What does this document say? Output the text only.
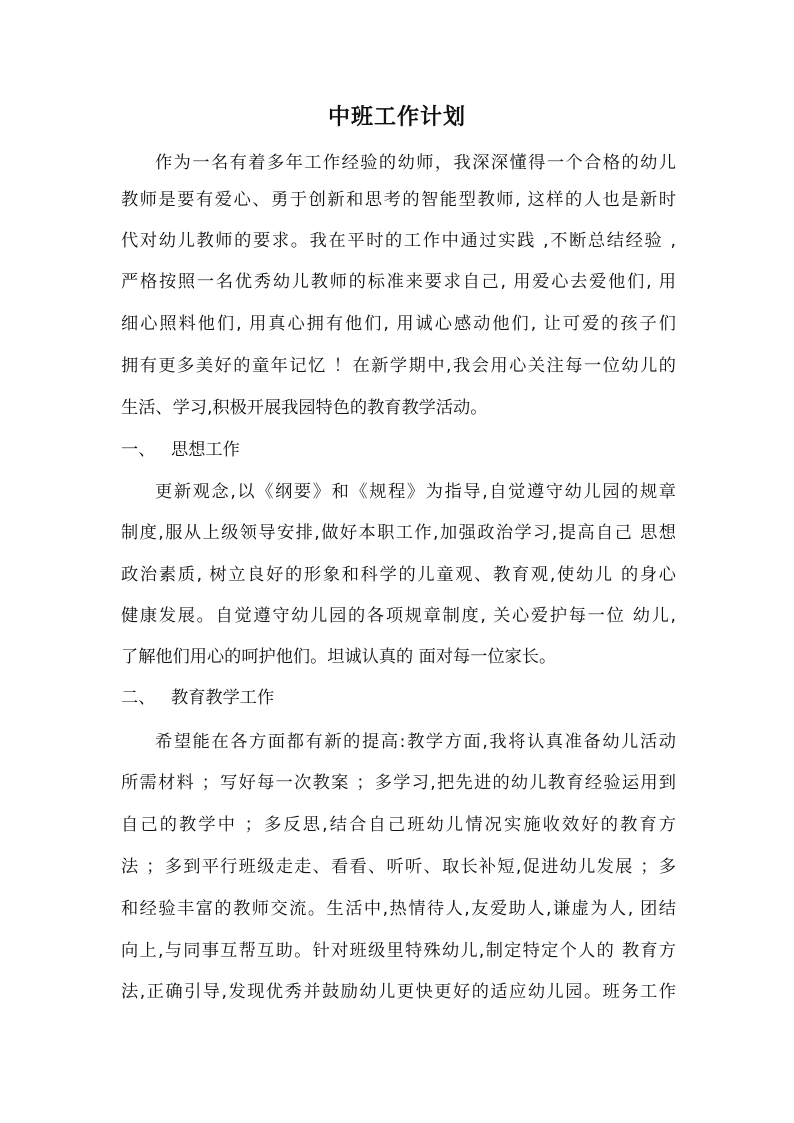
中班工作计划
作为一名有着多年工作经验的幼师，我深深懂得一个合格的幼儿
教师是要有爱心、勇于创新和思考的智能型教师, 这样的人也是新时
代对幼儿教师的要求。我在平时的工作中通过实践 ,不断总结经验 ,
严格按照一名优秀幼儿教师的标准来要求自己, 用爱心去爱他们, 用
细心照料他们, 用真心拥有他们, 用诚心感动他们, 让可爱的孩子们
拥有更多美好的童年记忆 ！在新学期中,我会用心关注每一位幼儿的
生活、学习,积极开展我园特色的教育教学活动。
一、 思想工作
更新观念,以《纲要》和《规程》为指导,自觉遵守幼儿园的规章
制度,服从上级领导安排,做好本职工作,加强政治学习,提高自己 思想
政治素质, 树立良好的形象和科学的儿童观、教育观,使幼儿 的身心
健康发展。自觉遵守幼儿园的各项规章制度, 关心爱护每一位 幼儿,
了解他们用心的呵护他们。坦诚认真的 面对每一位家长。
二、 教育教学工作
希望能在各方面都有新的提高:教学方面,我将认真准备幼儿活动
所需材料 ；写好每一次教案 ；多学习,把先进的幼儿教育经验运用到
自己的教学中 ；多反思,结合自己班幼儿情况实施收效好的教育方
法 ；多到平行班级走走、看看、听听、取长补短,促进幼儿发展 ；多
和经验丰富的教师交流。生活中,热情待人,友爱助人,谦虚为人, 团结
向上,与同事互帮互助。针对班级里特殊幼儿,制定特定个人的 教育方
法,正确引导,发现优秀并鼓励幼儿更快更好的适应幼儿园。班务工作
